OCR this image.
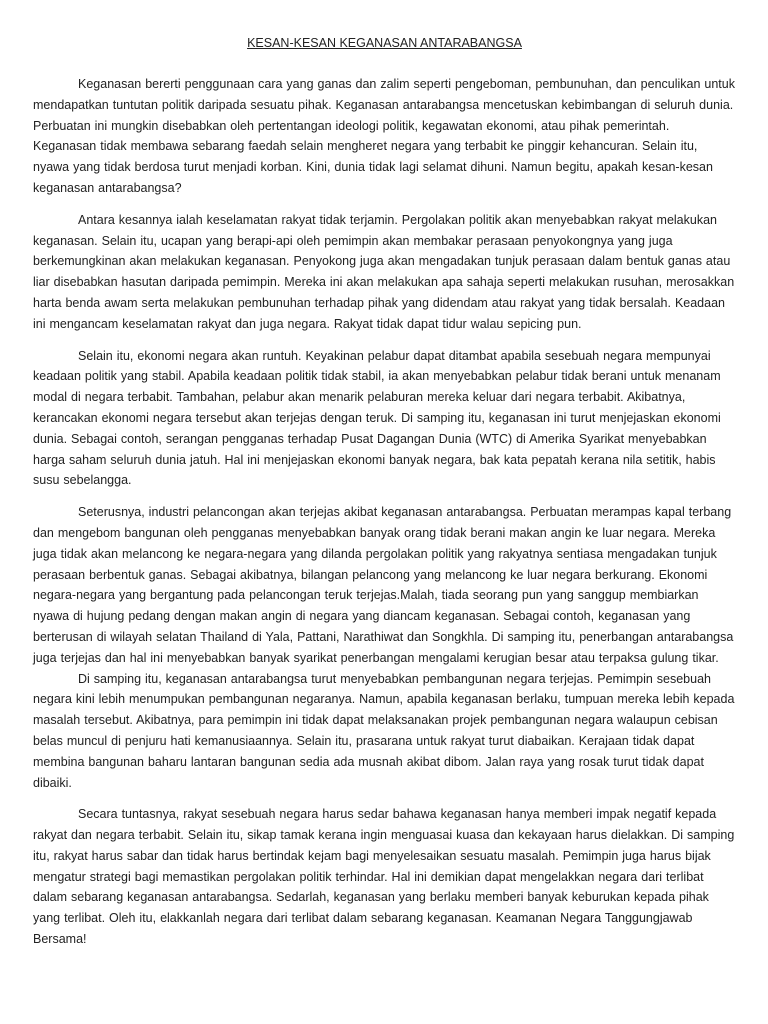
KESAN-KESAN KEGANASAN ANTARABANGSA

Keganasan bererti penggunaan cara yang ganas dan zalim seperti pengeboman, pembunuhan, dan penculikan untuk mendapatkan tuntutan politik daripada sesuatu pihak. Keganasan antarabangsa mencetuskan kebimbangan di seluruh dunia. Perbuatan ini mungkin disebabkan oleh pertentangan ideologi politik, kegawatan ekonomi, atau pihak pemerintah. Keganasan tidak membawa sebarang faedah selain mengheret negara yang terbabit ke pinggir kehancuran. Selain itu, nyawa yang tidak berdosa turut menjadi korban. Kini, dunia tidak lagi selamat dihuni. Namun begitu, apakah kesan-kesan keganasan antarabangsa?

Antara kesannya ialah keselamatan rakyat tidak terjamin. Pergolakan politik akan menyebabkan rakyat melakukan keganasan. Selain itu, ucapan yang berapi-api oleh pemimpin akan membakar perasaan penyokongnya yang juga berkemungkinan akan melakukan keganasan. Penyokong juga akan mengadakan tunjuk perasaan dalam bentuk ganas atau liar disebabkan hasutan daripada pemimpin. Mereka ini akan melakukan apa sahaja seperti melakukan rusuhan, merosakkan harta benda awam serta melakukan pembunuhan terhadap pihak yang didendam atau rakyat yang tidak bersalah. Keadaan ini mengancam keselamatan rakyat dan juga negara. Rakyat tidak dapat tidur walau sepicing pun.

Selain itu, ekonomi negara akan runtuh. Keyakinan pelabur dapat ditambat apabila sesebuah negara mempunyai keadaan politik yang stabil. Apabila keadaan politik tidak stabil, ia akan menyebabkan pelabur tidak berani untuk menanam modal di negara terbabit. Tambahan, pelabur akan menarik pelaburan mereka keluar dari negara terbabit. Akibatnya, kerancakan ekonomi negara tersebut akan terjejas dengan teruk. Di samping itu, keganasan ini turut menjejaskan ekonomi dunia. Sebagai contoh, serangan pengganas terhadap Pusat Dagangan Dunia (WTC) di Amerika Syarikat menyebabkan harga saham seluruh dunia jatuh. Hal ini menjejaskan ekonomi banyak negara, bak kata pepatah kerana nila setitik, habis susu sebelangga.

Seterusnya, industri pelancongan akan terjejas akibat keganasan antarabangsa. Perbuatan merampas kapal terbang dan mengebom bangunan oleh pengganas menyebabkan banyak orang tidak berani makan angin ke luar negara. Mereka juga tidak akan melancong ke negara-negara yang dilanda pergolakan politik yang rakyatnya sentiasa mengadakan tunjuk perasaan berbentuk ganas. Sebagai akibatnya, bilangan pelancong yang melancong ke luar negara berkurang. Ekonomi negara-negara yang bergantung pada pelancongan teruk terjejas.Malah, tiada seorang pun yang sanggup membiarkan nyawa di hujung pedang dengan makan angin di negara yang diancam keganasan. Sebagai contoh, keganasan yang berterusan di wilayah selatan Thailand di Yala, Pattani, Narathiwat dan Songkhla. Di samping itu, penerbangan antarabangsa juga terjejas dan hal ini menyebabkan banyak syarikat penerbangan mengalami kerugian besar atau terpaksa gulung tikar.

Di samping itu, keganasan antarabangsa turut menyebabkan pembangunan negara terjejas. Pemimpin sesebuah negara kini lebih menumpukan pembangunan negaranya. Namun, apabila keganasan berlaku, tumpuan mereka lebih kepada masalah tersebut. Akibatnya, para pemimpin ini tidak dapat melaksanakan projek pembangunan negara walaupun cebisan belas muncul di penjuru hati kemanusiaannya. Selain itu, prasarana untuk rakyat turut diabaikan. Kerajaan tidak dapat membina bangunan baharu lantaran bangunan sedia ada musnah akibat dibom. Jalan raya yang rosak turut tidak dapat dibaiki.

Secara tuntasnya, rakyat sesebuah negara harus sedar bahawa keganasan hanya memberi impak negatif kepada rakyat dan negara terbabit. Selain itu, sikap tamak kerana ingin menguasai kuasa dan kekayaan harus dielakkan. Di samping itu, rakyat harus sabar dan tidak harus bertindak kejam bagi menyelesaikan sesuatu masalah. Pemimpin juga harus bijak mengatur strategi bagi memastikan pergolakan politik terhindar. Hal ini demikian dapat mengelakkan negara dari terlibat dalam sebarang keganasan antarabangsa. Sedarlah, keganasan yang berlaku memberi banyak keburukan kepada pihak yang terlibat. Oleh itu, elakkanlah negara dari terlibat dalam sebarang keganasan. Keamanan Negara Tanggungjawab Bersama!
